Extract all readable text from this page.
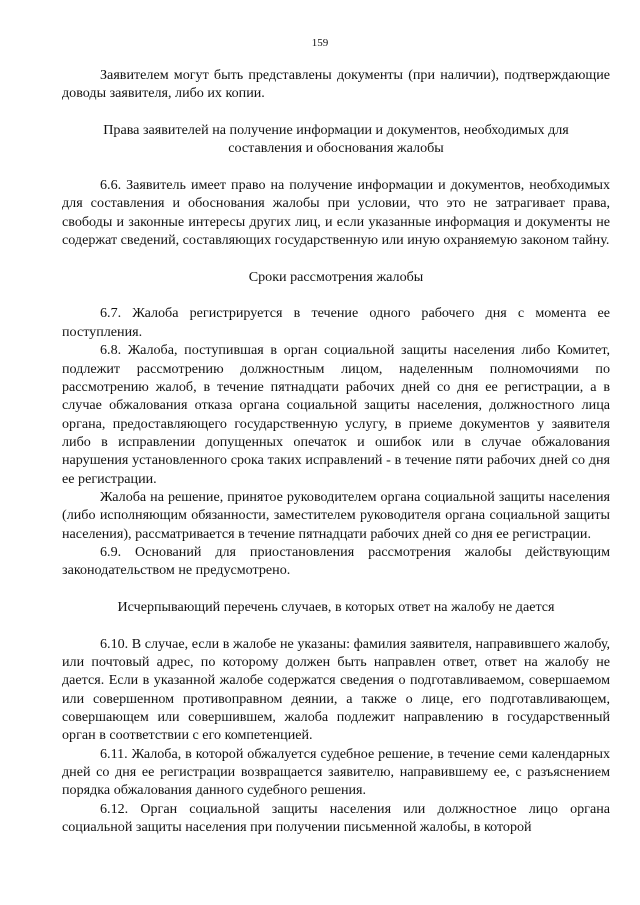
159

Заявителем могут быть представлены документы (при наличии), подтверждающие доводы заявителя, либо их копии.

Права заявителей на получение информации и документов, необходимых для составления и обоснования жалобы

6.6. Заявитель имеет право на получение информации и документов, необходимых для составления и обоснования жалобы при условии, что это не затрагивает права, свободы и законные интересы других лиц, и если указанные информация и документы не содержат сведений, составляющих государственную или иную охраняемую законом тайну.

Сроки рассмотрения жалобы

6.7. Жалоба регистрируется в течение одного рабочего дня с момента ее поступления.

6.8. Жалоба, поступившая в орган социальной защиты населения либо Комитет, подлежит рассмотрению должностным лицом, наделенным полномочиями по рассмотрению жалоб, в течение пятнадцати рабочих дней со дня ее регистрации, а в случае обжалования отказа органа социальной защиты населения, должностного лица органа, предоставляющего государственную услугу, в приеме документов у заявителя либо в исправлении допущенных опечаток и ошибок или в случае обжалования нарушения установленного срока таких исправлений - в течение пяти рабочих дней со дня ее регистрации.

Жалоба на решение, принятое руководителем органа социальной защиты населения (либо исполняющим обязанности, заместителем руководителя органа социальной защиты населения), рассматривается в течение пятнадцати рабочих дней со дня ее регистрации.

6.9. Оснований для приостановления рассмотрения жалобы действующим законодательством не предусмотрено.

Исчерпывающий перечень случаев, в которых ответ на жалобу не дается

6.10. В случае, если в жалобе не указаны: фамилия заявителя, направившего жалобу, или почтовый адрес, по которому должен быть направлен ответ, ответ на жалобу не дается. Если в указанной жалобе содержатся сведения о подготавливаемом, совершаемом или совершенном противоправном деянии, а также о лице, его подготавливающем, совершающем или совершившем, жалоба подлежит направлению в государственный орган в соответствии с его компетенцией.

6.11. Жалоба, в которой обжалуется судебное решение, в течение семи календарных дней со дня ее регистрации возвращается заявителю, направившему ее, с разъяснением порядка обжалования данного судебного решения.

6.12. Орган социальной защиты населения или должностное лицо органа социальной защиты населения при получении письменной жалобы, в которой
